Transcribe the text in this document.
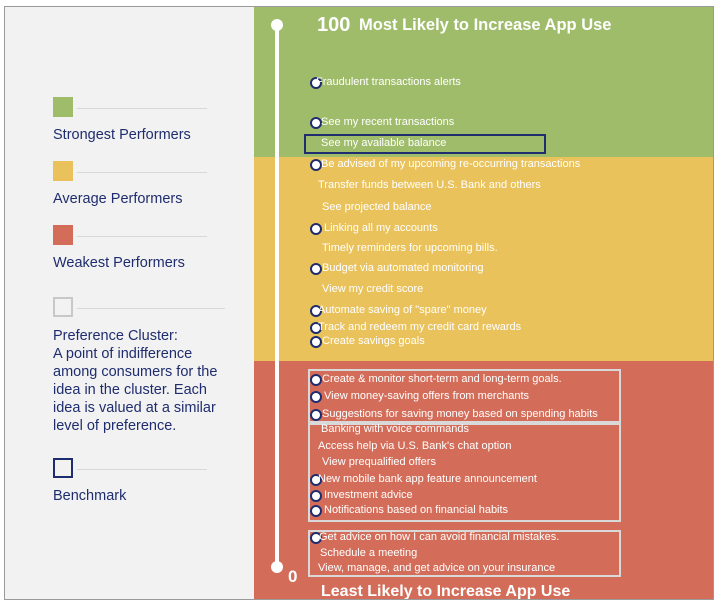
Strongest Performers
Average Performers
Weakest Performers
Preference Cluster:
A point of indifference among consumers for the idea in the cluster. Each idea is valued at a similar level of preference.
Benchmark
100 Most Likely to Increase App Use
Fraudulent transactions alerts
See my recent transactions
See my available balance
Be advised of my upcoming re-occurring transactions
Transfer funds between U.S. Bank and others
See projected balance
Linking all my accounts
Timely reminders for upcoming bills.
Budget via automated monitoring
View my credit score
Automate saving of "spare" money
Track and redeem my credit card rewards
Create savings goals
Create & monitor short-term and long-term goals.
View money-saving offers from merchants
Suggestions for saving money based on spending habits
Banking with voice commands
Access help via U.S. Bank's chat option
View prequalified offers
New mobile bank app feature announcement
Investment advice
Notifications based on financial habits
Get advice on how I can avoid financial mistakes.
Schedule a meeting
View, manage, and get advice on your insurance
0
Least Likely to Increase App Use
